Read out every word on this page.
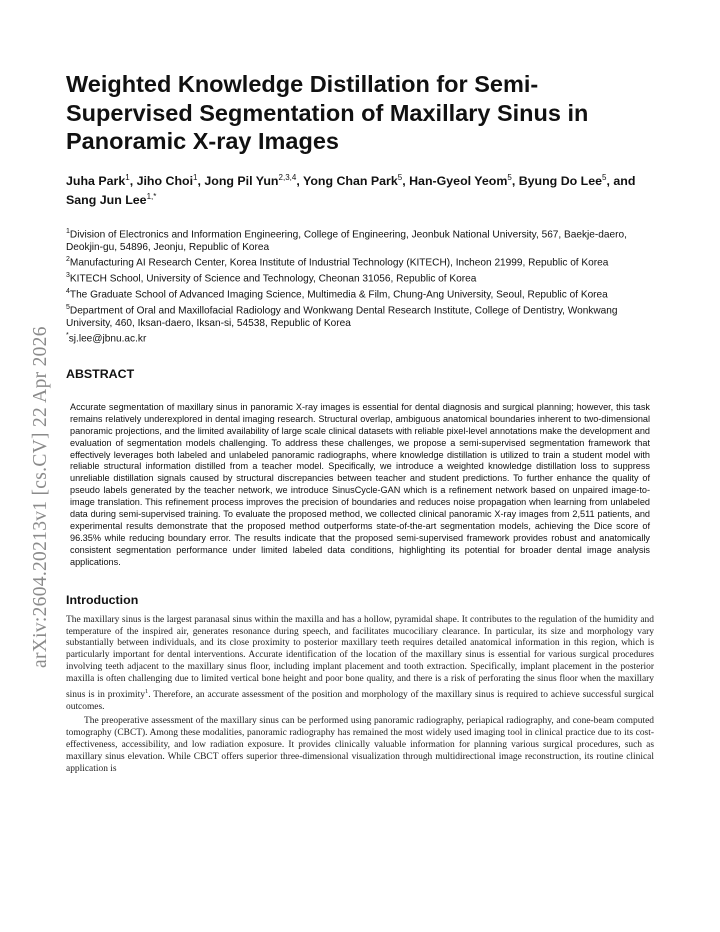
arXiv:2604.20213v1 [cs.CV] 22 Apr 2026
Weighted Knowledge Distillation for Semi-Supervised Segmentation of Maxillary Sinus in Panoramic X-ray Images

Juha Park$^1$, Jiho Choi$^1$, Jong Pil Yun$^{2,3,4}$, Yong Chan Park$^5$, Han-Gyeol Yeom$^5$, Byung Do Lee$^5$, and Sang Jun Lee$^{1,*}$

$^1$Division of Electronics and Information Engineering, College of Engineering, Jeonbuk National University, 567, Baekje-daero, Deokjin-gu, 54896, Jeonju, Republic of Korea
$^2$Manufacturing AI Research Center, Korea Institute of Industrial Technology (KITECH), Incheon 21999, Republic of Korea
$^3$KITECH School, University of Science and Technology, Cheonan 31056, Republic of Korea
$^4$The Graduate School of Advanced Imaging Science, Multimedia & Film, Chung-Ang University, Seoul, Republic of Korea
$^5$Department of Oral and Maxillofacial Radiology and Wonkwang Dental Research Institute, College of Dentistry, Wonkwang University, 460, Iksan-daero, Iksan-si, 54538, Republic of Korea
*sj.lee@jbnu.ac.kr
ABSTRACT

Accurate segmentation of maxillary sinus in panoramic X-ray images is essential for dental diagnosis and surgical planning; however, this task remains relatively underexplored in dental imaging research. Structural overlap, ambiguous anatomical boundaries inherent to two-dimensional panoramic projections, and the limited availability of large scale clinical datasets with reliable pixel-level annotations make the development and evaluation of segmentation models challenging. To address these challenges, we propose a semi-supervised segmentation framework that effectively leverages both labeled and unlabeled panoramic radiographs, where knowledge distillation is utilized to train a student model with reliable structural information distilled from a teacher model. Specifically, we introduce a weighted knowledge distillation loss to suppress unreliable distillation signals caused by structural discrepancies between teacher and student predictions. To further enhance the quality of pseudo labels generated by the teacher network, we introduce SinusCycle-GAN which is a refinement network based on unpaired image-to-image translation. This refinement process improves the precision of boundaries and reduces noise propagation when learning from unlabeled data during semi-supervised training. To evaluate the proposed method, we collected clinical panoramic X-ray images from 2,511 patients, and experimental results demonstrate that the proposed method outperforms state-of-the-art segmentation models, achieving the Dice score of 96.35% while reducing boundary error. The results indicate that the proposed semi-supervised framework provides robust and anatomically consistent segmentation performance under limited labeled data conditions, highlighting its potential for broader dental image analysis applications.

Introduction

The maxillary sinus is the largest paranasal sinus within the maxilla and has a hollow, pyramidal shape. It contributes to the regulation of the humidity and temperature of the inspired air, generates resonance during speech, and facilitates mucociliary clearance. In particular, its size and morphology vary substantially between individuals, and its close proximity to posterior maxillary teeth requires detailed anatomical information in this region, which is particularly important for dental interventions. Accurate identification of the location of the maxillary sinus is essential for various surgical procedures involving teeth adjacent to the maxillary sinus floor, including implant placement and tooth extraction. Specifically, implant placement in the posterior maxilla is often challenging due to limited vertical bone height and poor bone quality, and there is a risk of perforating the sinus floor when the maxillary sinus is in proximity$^1$. Therefore, an accurate assessment of the position and morphology of the maxillary sinus is required to achieve successful surgical outcomes.

The preoperative assessment of the maxillary sinus can be performed using panoramic radiography, periapical radiography, and cone-beam computed tomography (CBCT). Among these modalities, panoramic radiography has remained the most widely used imaging tool in clinical practice due to its cost-effectiveness, accessibility, and low radiation exposure. It provides clinically valuable information for planning various surgical procedures, such as maxillary sinus elevation. While CBCT offers superior three-dimensional visualization through multidirectional image reconstruction, its routine clinical application is
